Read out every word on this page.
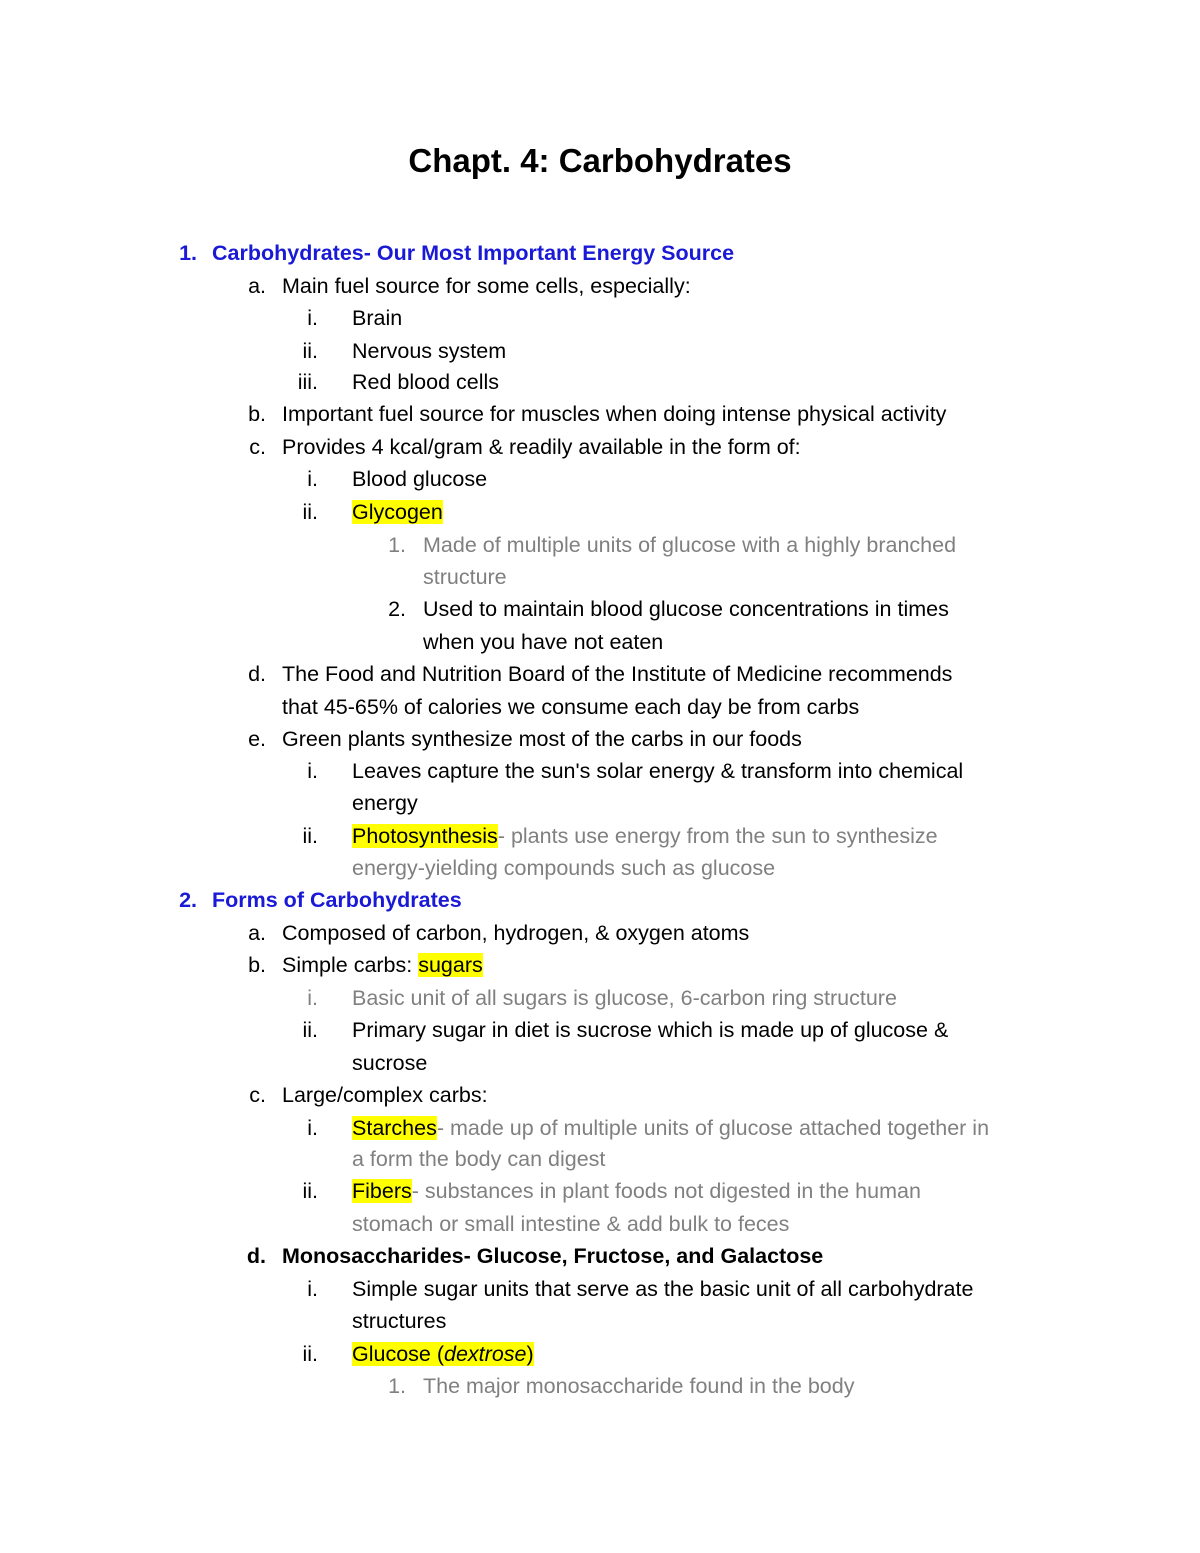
Chapt. 4: Carbohydrates
1. Carbohydrates- Our Most Important Energy Source
a. Main fuel source for some cells, especially:
i. Brain
ii. Nervous system
iii. Red blood cells
b. Important fuel source for muscles when doing intense physical activity
c. Provides 4 kcal/gram & readily available in the form of:
i. Blood glucose
ii. Glycogen
1. Made of multiple units of glucose with a highly branched
structure
2. Used to maintain blood glucose concentrations in times
when you have not eaten
d. The Food and Nutrition Board of the Institute of Medicine recommends
that 45-65% of calories we consume each day be from carbs
e. Green plants synthesize most of the carbs in our foods
i. Leaves capture the sun's solar energy & transform into chemical
energy
ii. Photosynthesis- plants use energy from the sun to synthesize
energy-yielding compounds such as glucose
2. Forms of Carbohydrates
a. Composed of carbon, hydrogen, & oxygen atoms
b. Simple carbs: sugars
i. Basic unit of all sugars is glucose, 6-carbon ring structure
ii. Primary sugar in diet is sucrose which is made up of glucose &
sucrose
c. Large/complex carbs:
i. Starches- made up of multiple units of glucose attached together in
a form the body can digest
ii. Fibers- substances in plant foods not digested in the human
stomach or small intestine & add bulk to feces
d. Monosaccharides- Glucose, Fructose, and Galactose
i. Simple sugar units that serve as the basic unit of all carbohydrate
structures
ii. Glucose (dextrose)
1. The major monosaccharide found in the body
